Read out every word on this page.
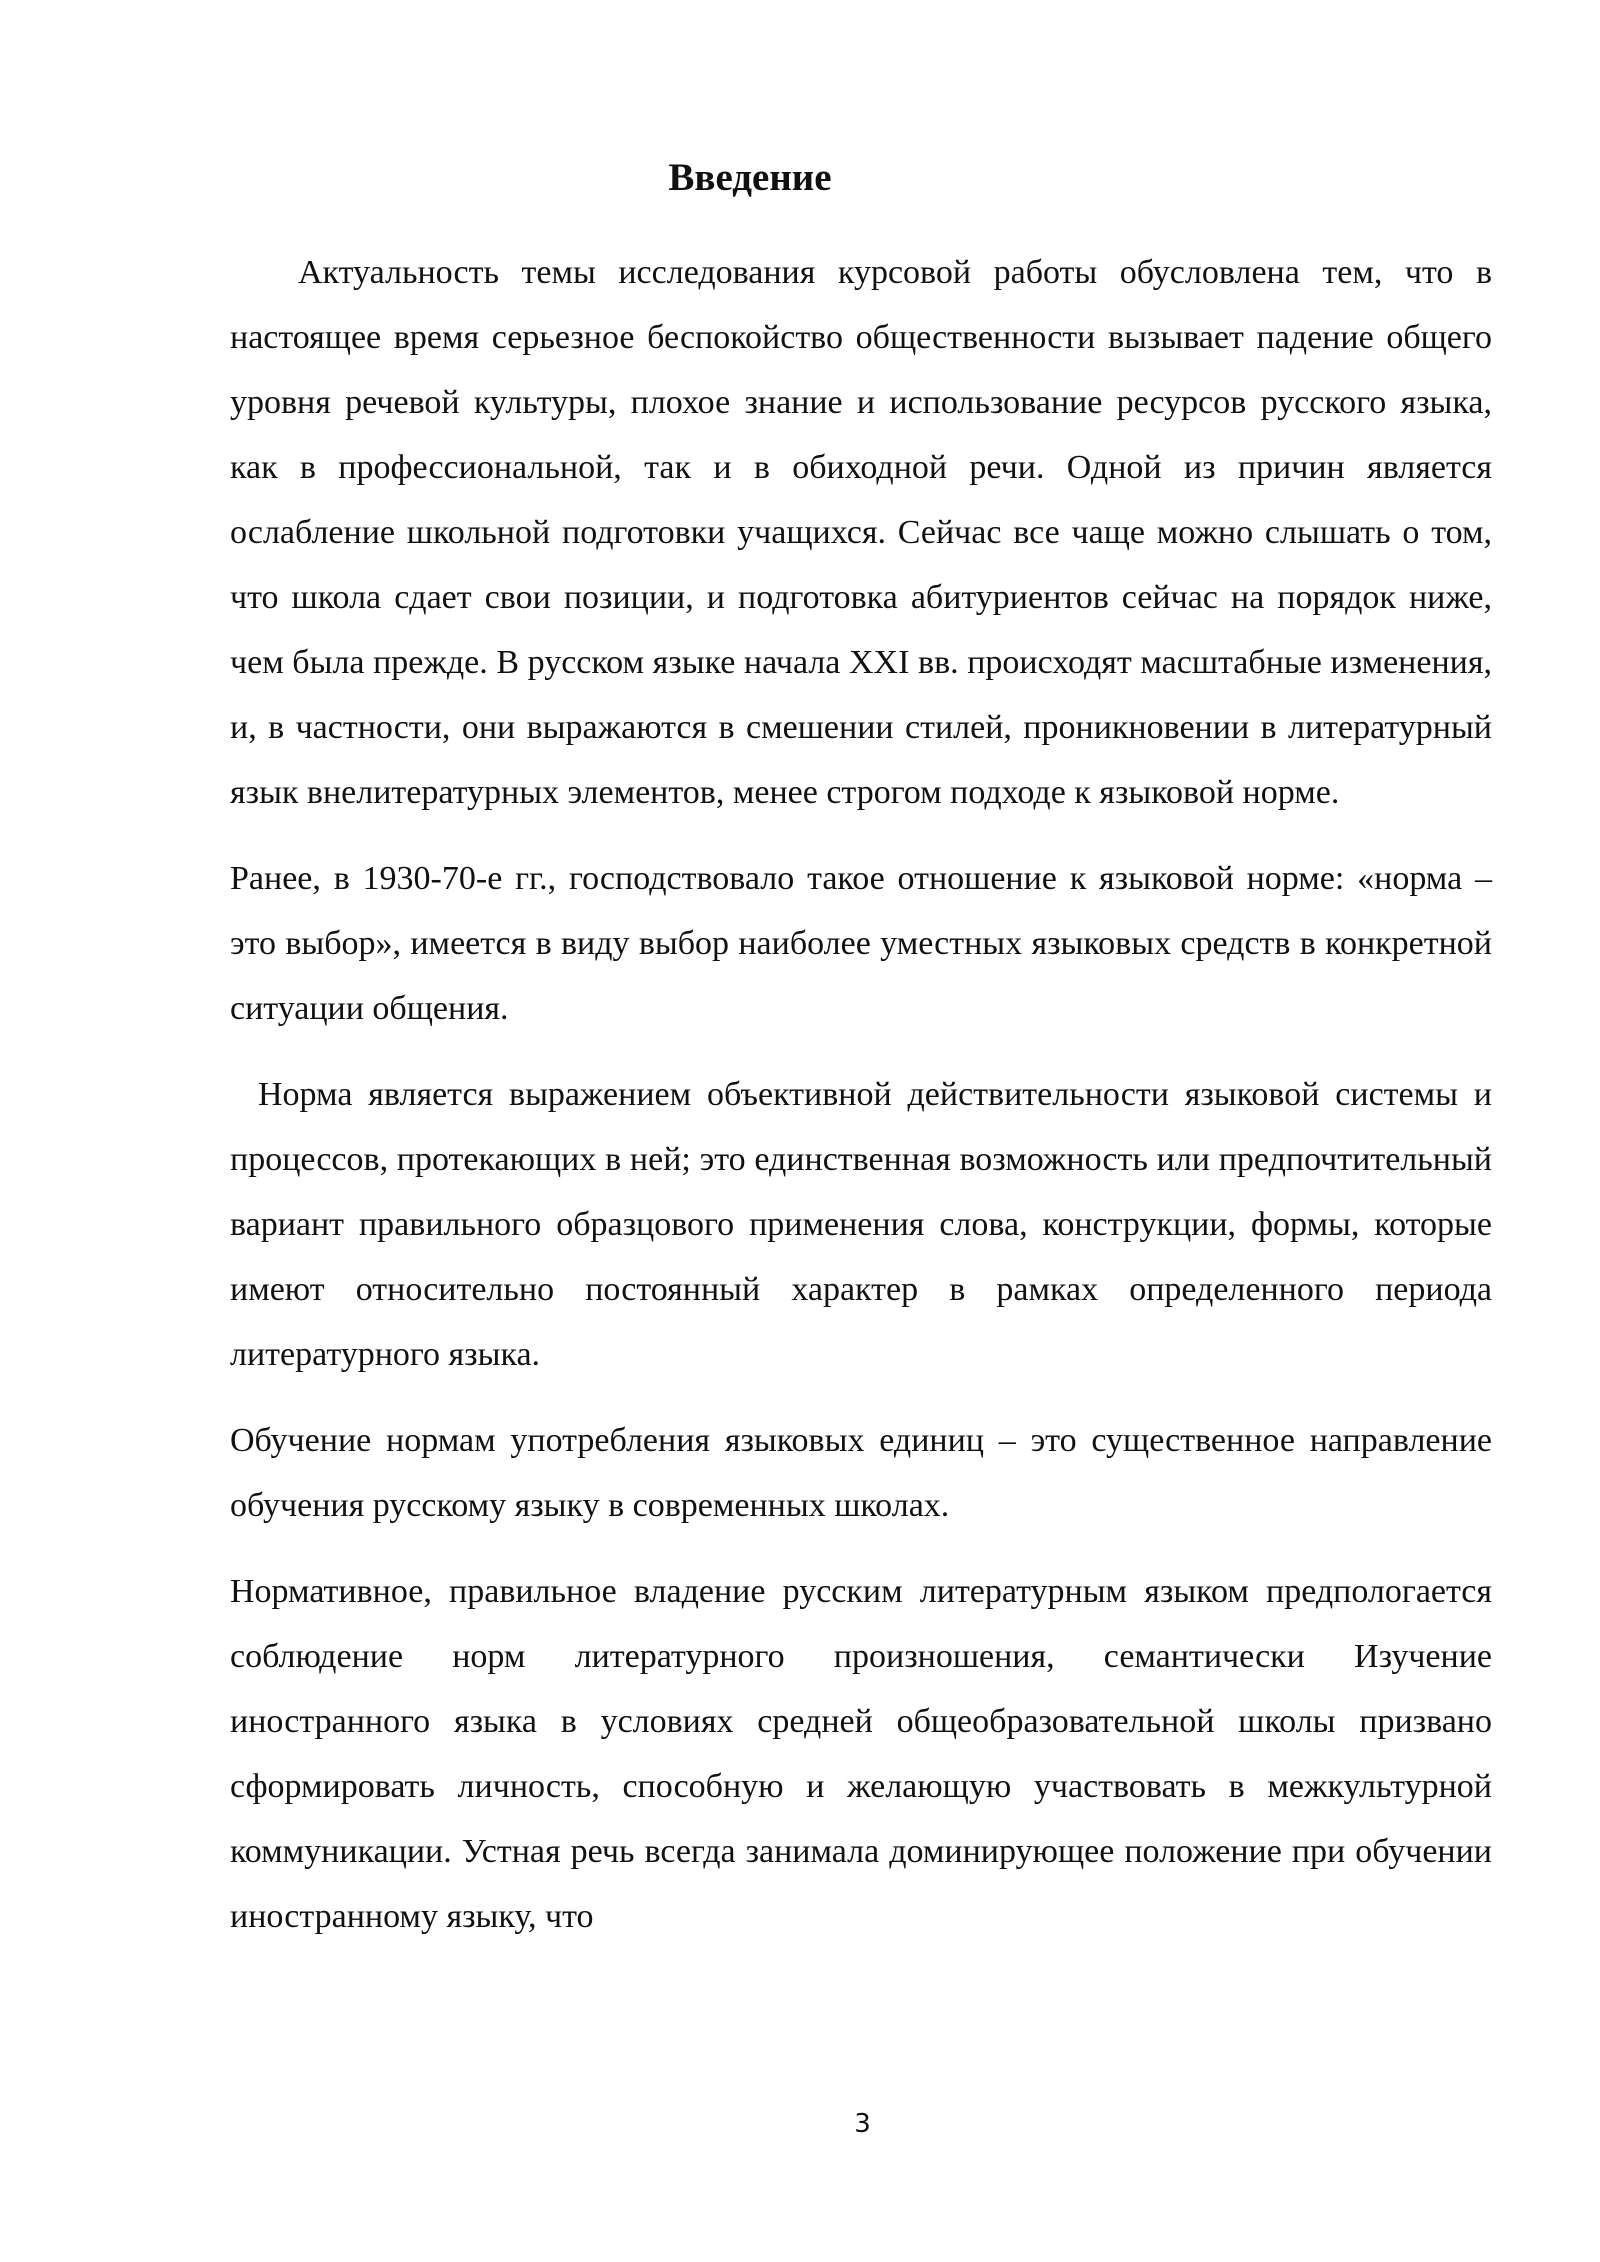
Введение

Актуальность темы исследования курсовой работы обусловлена тем, что в настоящее время серьезное беспокойство общественности вызывает падение общего уровня речевой культуры, плохое знание и использование ресурсов русского языка, как в профессиональной, так и в обиходной речи. Одной из причин является ослабление школьной подготовки учащихся. Сейчас все чаще можно слышать о том, что школа сдает свои позиции, и подготовка абитуриентов сейчас на порядок ниже, чем была прежде. В русском языке начала XXI вв. происходят масштабные изменения, и, в частности, они выражаются в смешении стилей, проникновении в литературный язык внелитературных элементов, менее строгом подходе к языковой норме.

Ранее, в 1930-70-е гг., господствовало такое отношение к языковой норме: «норма – это выбор», имеется в виду выбор наиболее уместных языковых средств в конкретной ситуации общения.

Норма является выражением объективной действительности языковой системы и процессов, протекающих в ней; это единственная возможность или предпочтительный вариант правильного образцового применения слова, конструкции, формы, которые имеют относительно постоянный характер в рамках определенного периода литературного языка.

Обучение нормам употребления языковых единиц – это существенное направление обучения русскому языку в современных школах.

Нормативное, правильное владение русским литературным языком предпологается соблюдение норм литературного произношения, семантически Изучение иностранного языка в условиях средней общеобразовательной школы призвано сформировать личность, способную и желающую участвовать в межкультурной коммуникации. Устная речь всегда занимала доминирующее положение при обучении иностранному языку, что

3
